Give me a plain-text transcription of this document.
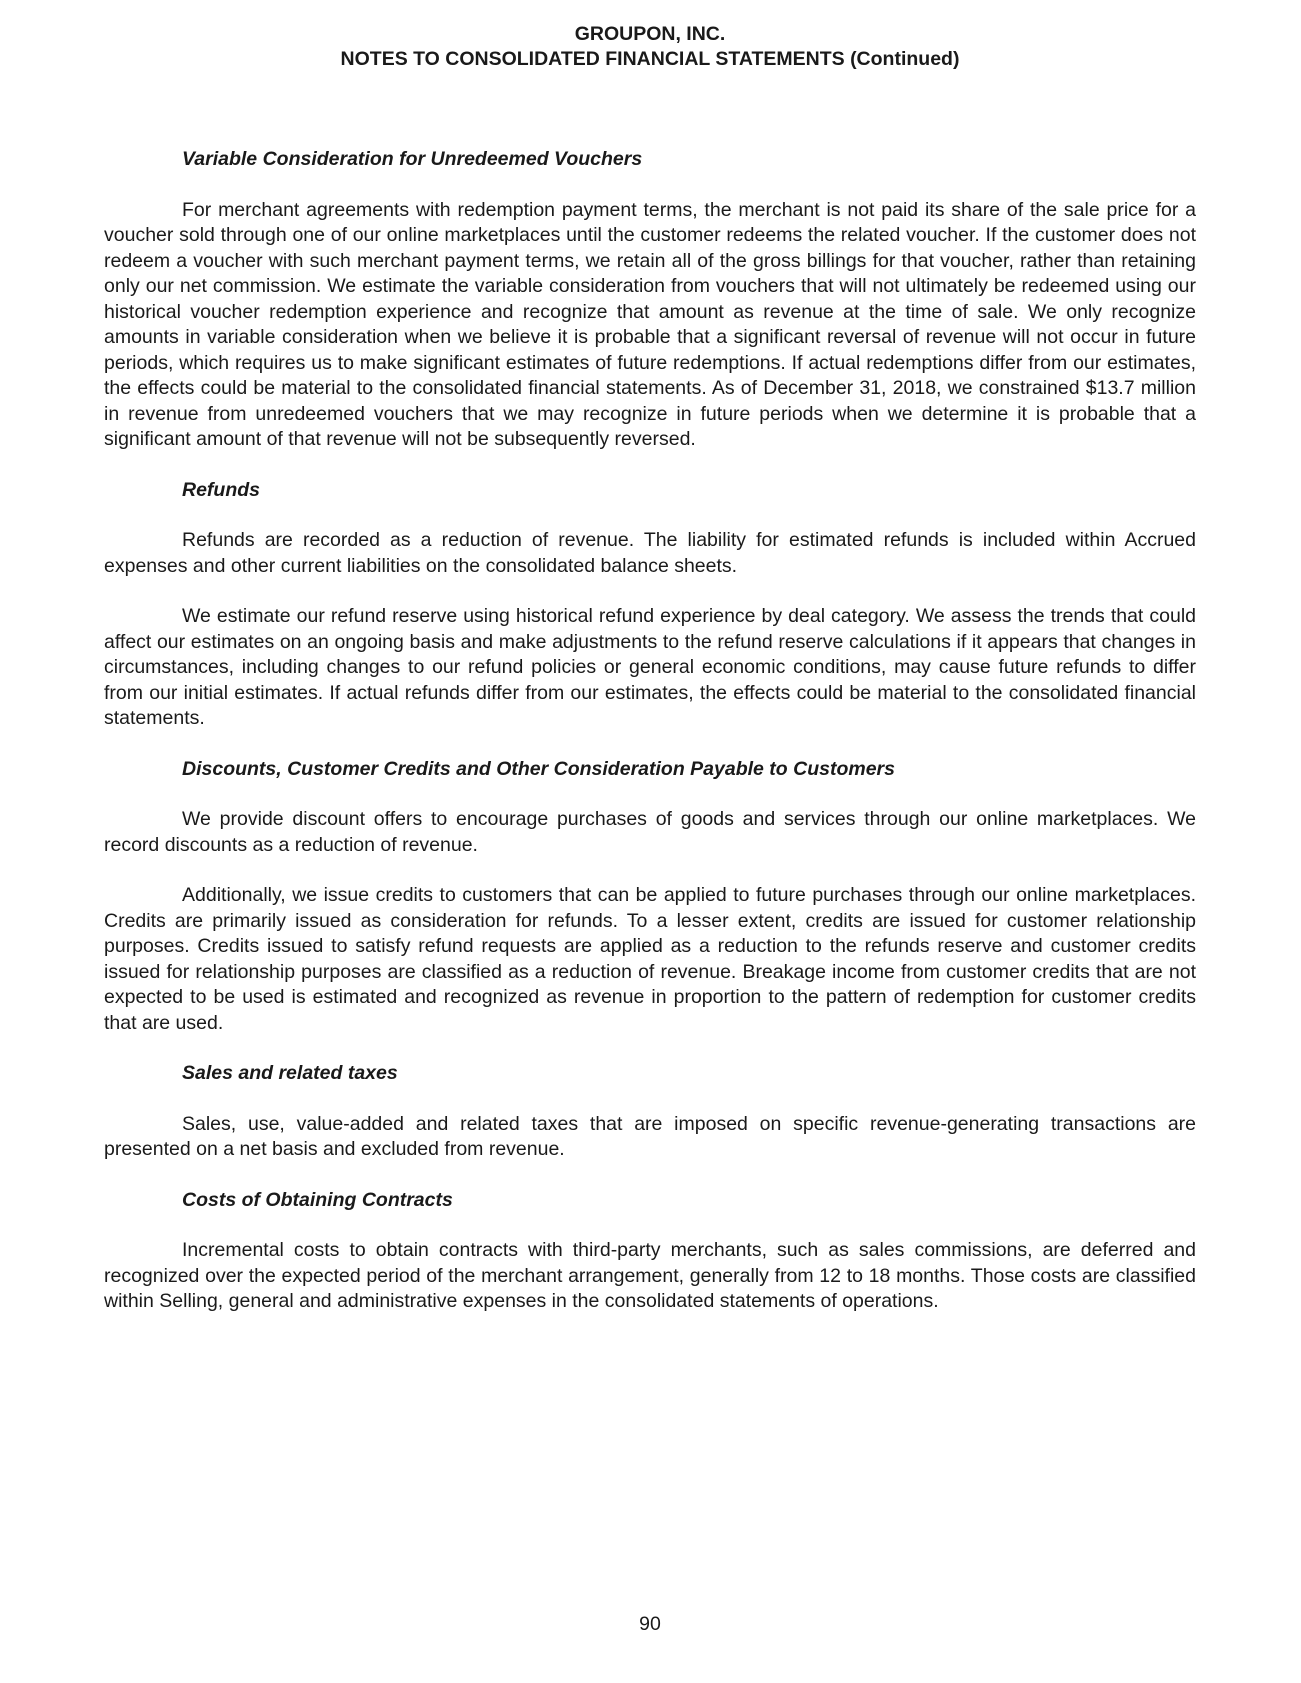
GROUPON, INC.
NOTES TO CONSOLIDATED FINANCIAL STATEMENTS (Continued)
Variable Consideration for Unredeemed Vouchers

For merchant agreements with redemption payment terms, the merchant is not paid its share of the sale price for a voucher sold through one of our online marketplaces until the customer redeems the related voucher. If the customer does not redeem a voucher with such merchant payment terms, we retain all of the gross billings for that voucher, rather than retaining only our net commission. We estimate the variable consideration from vouchers that will not ultimately be redeemed using our historical voucher redemption experience and recognize that amount as revenue at the time of sale. We only recognize amounts in variable consideration when we believe it is probable that a significant reversal of revenue will not occur in future periods, which requires us to make significant estimates of future redemptions. If actual redemptions differ from our estimates, the effects could be material to the consolidated financial statements. As of December 31, 2018, we constrained $13.7 million in revenue from unredeemed vouchers that we may recognize in future periods when we determine it is probable that a significant amount of that revenue will not be subsequently reversed.

Refunds

Refunds are recorded as a reduction of revenue. The liability for estimated refunds is included within Accrued expenses and other current liabilities on the consolidated balance sheets.

We estimate our refund reserve using historical refund experience by deal category. We assess the trends that could affect our estimates on an ongoing basis and make adjustments to the refund reserve calculations if it appears that changes in circumstances, including changes to our refund policies or general economic conditions, may cause future refunds to differ from our initial estimates. If actual refunds differ from our estimates, the effects could be material to the consolidated financial statements.

Discounts, Customer Credits and Other Consideration Payable to Customers

We provide discount offers to encourage purchases of goods and services through our online marketplaces. We record discounts as a reduction of revenue.

Additionally, we issue credits to customers that can be applied to future purchases through our online marketplaces. Credits are primarily issued as consideration for refunds. To a lesser extent, credits are issued for customer relationship purposes. Credits issued to satisfy refund requests are applied as a reduction to the refunds reserve and customer credits issued for relationship purposes are classified as a reduction of revenue. Breakage income from customer credits that are not expected to be used is estimated and recognized as revenue in proportion to the pattern of redemption for customer credits that are used.

Sales and related taxes

Sales, use, value-added and related taxes that are imposed on specific revenue-generating transactions are presented on a net basis and excluded from revenue.

Costs of Obtaining Contracts

Incremental costs to obtain contracts with third-party merchants, such as sales commissions, are deferred and recognized over the expected period of the merchant arrangement, generally from 12 to 18 months. Those costs are classified within Selling, general and administrative expenses in the consolidated statements of operations.

90
